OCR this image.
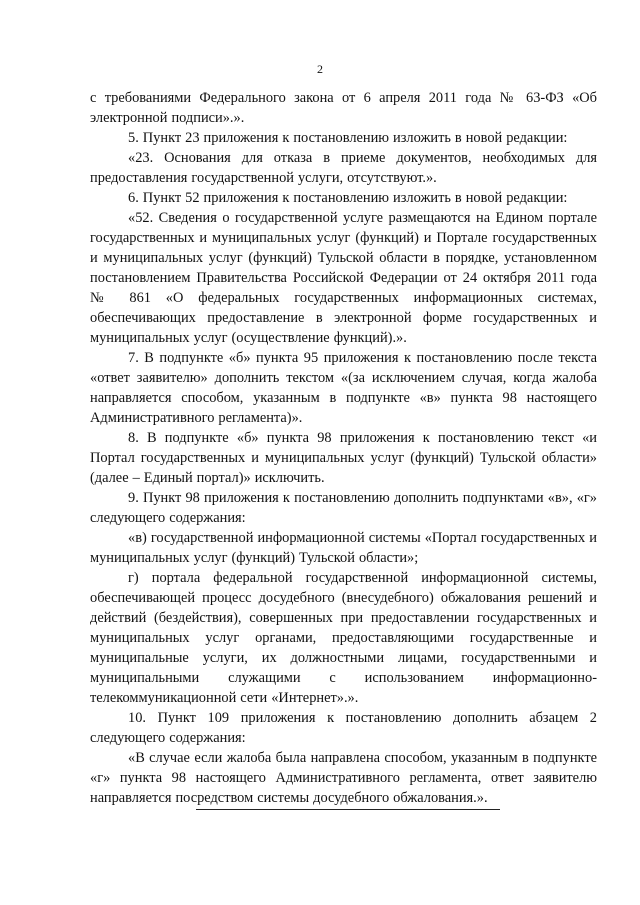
2

с требованиями Федерального закона от 6 апреля 2011 года № 63-ФЗ «Об электронной подписи».».

5. Пункт 23 приложения к постановлению изложить в новой редакции:

«23. Основания для отказа в приеме документов, необходимых для предоставления государственной услуги, отсутствуют.».

6. Пункт 52 приложения к постановлению изложить в новой редакции:

«52. Сведения о государственной услуге размещаются на Едином портале государственных и муниципальных услуг (функций) и Портале государственных и муниципальных услуг (функций) Тульской области в порядке, установленном постановлением Правительства Российской Федерации от 24 октября 2011 года № 861 «О федеральных государственных информационных системах, обеспечивающих предоставление в электронной форме государственных и муниципальных услуг (осуществление функций).».

7. В подпункте «б» пункта 95 приложения к постановлению после текста «ответ заявителю» дополнить текстом «(за исключением случая, когда жалоба направляется способом, указанным в подпункте «в» пункта 98 настоящего Административного регламента)».

8. В подпункте «б» пункта 98 приложения к постановлению текст «и Портал государственных и муниципальных услуг (функций) Тульской области» (далее – Единый портал)» исключить.

9. Пункт 98 приложения к постановлению дополнить подпунктами «в», «г» следующего содержания:

«в) государственной информационной системы «Портал государственных и муниципальных услуг (функций) Тульской области»;

г) портала федеральной государственной информационной системы, обеспечивающей процесс досудебного (внесудебного) обжалования решений и действий (бездействия), совершенных при предоставлении государственных и муниципальных услуг органами, предоставляющими государственные и муниципальные услуги, их должностными лицами, государственными и муниципальными служащими с использованием информационно-телекоммуникационной сети «Интернет».».

10. Пункт 109 приложения к постановлению дополнить абзацем 2 следующего содержания:

«В случае если жалоба была направлена способом, указанным в подпункте «г» пункта 98 настоящего Административного регламента, ответ заявителю направляется посредством системы досудебного обжалования.».
